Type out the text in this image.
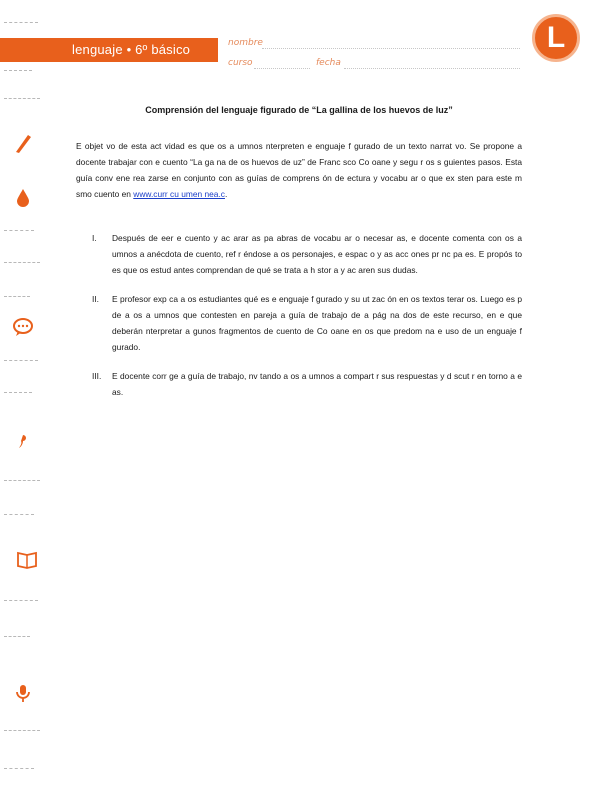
lenguaje • 6º básico	nombre
curso	fecha
L
Comprensión del lenguaje figurado de “La gallina de los huevos de luz”

E objet vo de esta act vidad es que os a umnos nterpreten e enguaje f gurado de un texto narrat vo. Se propone a docente trabajar con e cuento “La ga na de os huevos de uz” de Franc sco Co oane y segu r os s guientes pasos. Esta guía conv ene rea zarse en conjunto con as guías de comprens ón de ectura y vocabu ar o que ex sten para este m smo cuento en www.curr cu umen nea.c.

I. Después de eer e cuento y ac arar as pa abras de vocabu ar o necesar as, e docente comenta con os a umnos a anécdota de cuento, ref r éndose a os personajes, e espac o y as acc ones pr nc pa es. E propós to es que os estud antes comprendan de qué se trata a h stor a y ac aren sus dudas.
II. E profesor exp ca a os estudiantes qué es e enguaje f gurado y su ut zac ón en os textos terar os. Luego es p de a os a umnos que contesten en pareja a guía de trabajo de a pág na dos de este recurso, en e que deberán nterpretar a gunos fragmentos de cuento de Co oane en os que predom na e uso de un enguaje f gurado.
III. E docente corr ge a guía de trabajo, nv tando a os a umnos a compart r sus respuestas y d scut r en torno a e as.
